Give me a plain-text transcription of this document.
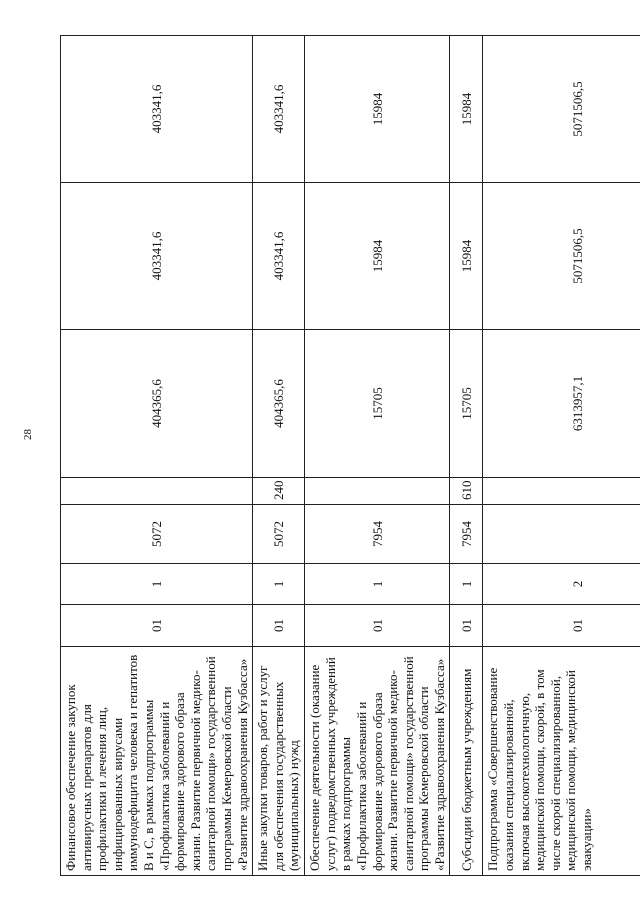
28
Финансовое обеспечение закупок антивирусных препаратов для профилактики и лечения лиц, инфицированных вирусами иммунодефицита человека и гепатитов В и С, в рамках подпрограммы «Профилактика заболеваний и формирование здорового образа жизни. Развитие первичной медико-санитарной помощи» государственной программы Кемеровской области «Развитие здравоохранения Кузбасса»	01	1	5072		404365,6	403341,6	403341,6
Иные закупки товаров, работ и услуг для обеспечения государственных (муниципальных) нужд	01	1	5072	240	404365,6	403341,6	403341,6
Обеспечение деятельности (оказание услуг) подведомственных учреждений в рамках подпрограммы «Профилактика заболеваний и формирование здорового образа жизни. Развитие первичной медико-санитарной помощи» государственной программы Кемеровской области «Развитие здравоохранения Кузбасса»	01	1	7954		15705	15984	15984
Субсидии бюджетным учреждениям	01	1	7954	610	15705	15984	15984
Подпрограмма «Совершенствование оказания специализированной, включая высокотехнологичную, медицинской помощи, скорой, в том числе скорой специализированной, медицинской помощи, медицинской эвакуации»	01	2			6313957,1	5071506,5	5071506,5
